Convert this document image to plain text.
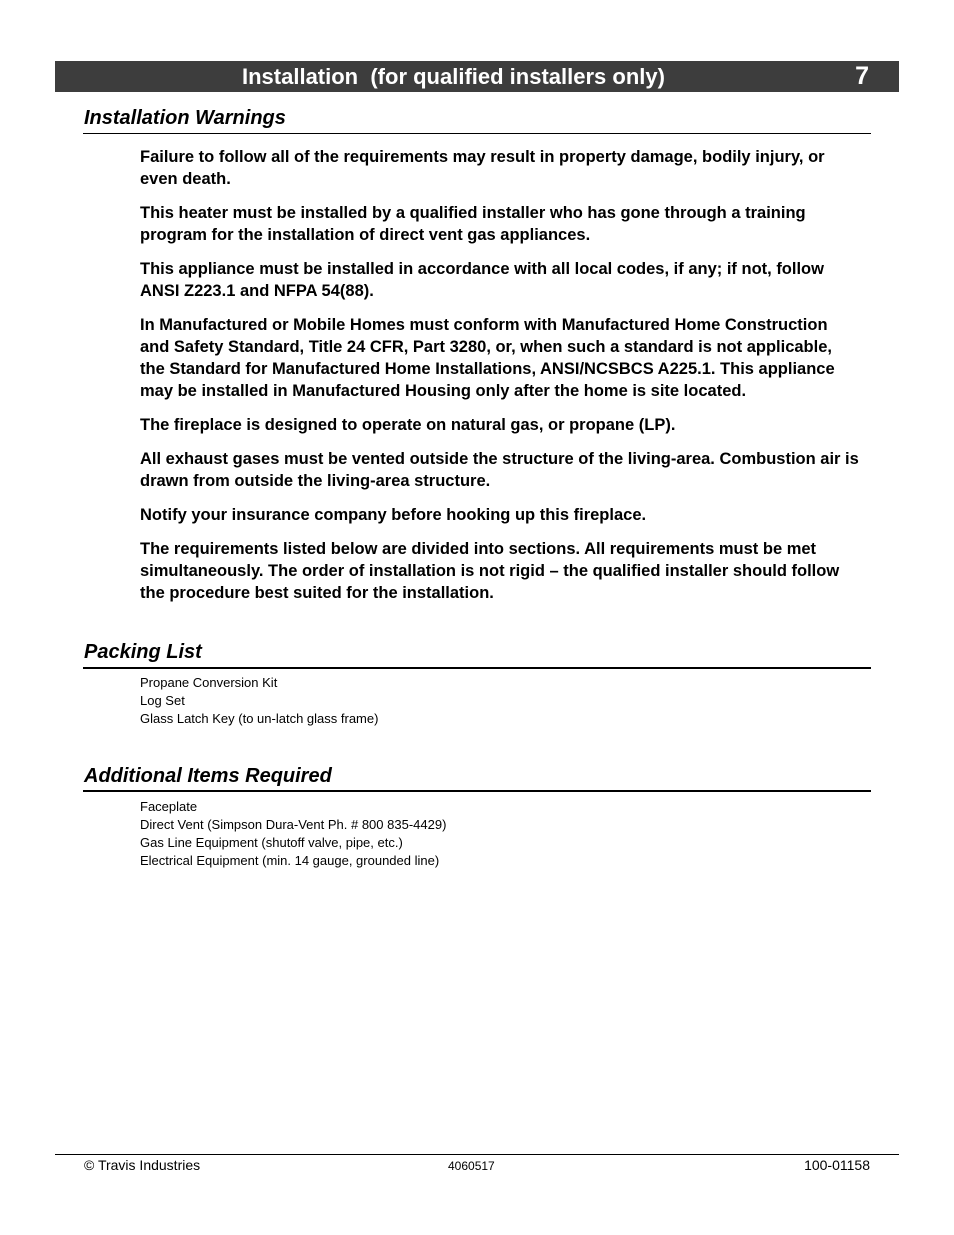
Installation  (for qualified installers only)	7
Installation Warnings

Failure to follow all of the requirements may result in property damage, bodily injury, or even death.

This heater must be installed by a qualified installer who has gone through a training program for the installation of direct vent gas appliances.

This appliance must be installed in accordance with all local codes, if any; if not, follow ANSI Z223.1 and NFPA 54(88).

In Manufactured or Mobile Homes must conform with Manufactured Home Construction and Safety Standard, Title 24 CFR, Part 3280, or, when such a standard is not applicable, the Standard for Manufactured Home Installations, ANSI/NCSBCS A225.1. This appliance may be installed in Manufactured Housing only after the home is site located.

The fireplace is designed to operate on natural gas, or propane (LP).

All exhaust gases must be vented outside the structure of the living-area. Combustion air is drawn from outside the living-area structure.

Notify your insurance company before hooking up this fireplace.

The requirements listed below are divided into sections. All requirements must be met simultaneously. The order of installation is not rigid – the qualified installer should follow the procedure best suited for the installation.

Packing List
Propane Conversion Kit
Log Set
Glass Latch Key (to un-latch glass frame)
Additional Items Required
Faceplate
Direct Vent (Simpson Dura-Vent Ph. # 800 835-4429)
Gas Line Equipment (shutoff valve, pipe, etc.)
Electrical Equipment (min. 14 gauge, grounded line)
© Travis Industries	4060517	100-01158
